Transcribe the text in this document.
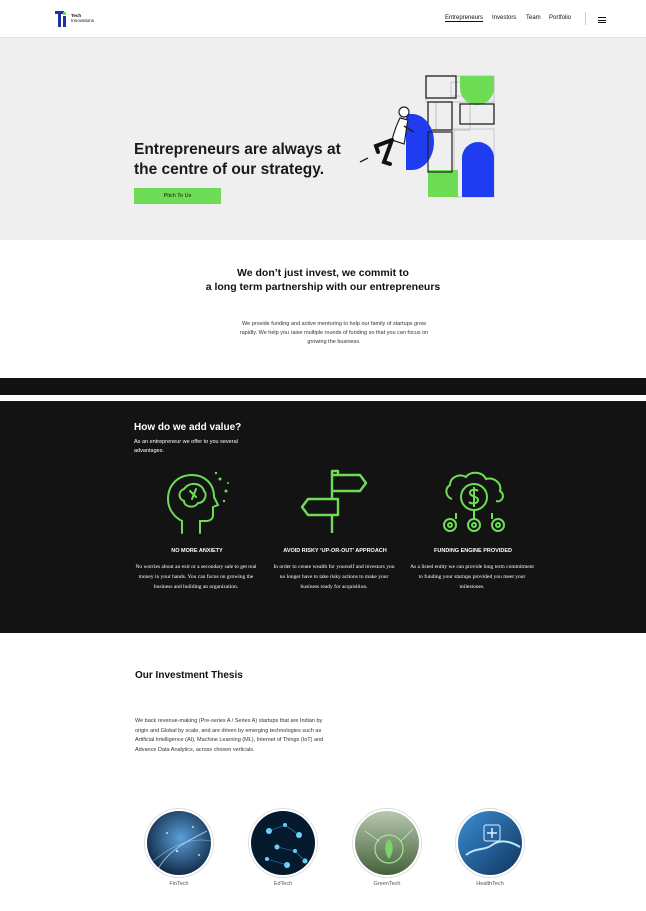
Tech
Innovations	Entrepreneurs Investors Team Portfolio
Entrepreneurs are always at the centre of our strategy.
Pitch To Us
We don’t just invest, we commit to
a long term partnership with our entrepreneurs
We provide funding and active mentoring to help our family of startups grow rapidly. We help you raise multiple rounds of funding so that you can focus on growing the business.
How do we add value?
As an entrepreneur we offer to you several advantages.
NO MORE ANXIETY	AVOID RISKY ‘UP-OR-OUT’ APPROACH	FUNDING ENGINE PROVIDED
No worries about an exit or a secondary sale to get real money in your hands. You can focus on growing the business and building an organization.
In order to create wealth for yourself and investors you no longer have to take risky actions to make your business ready for acquisition.
As a listed entity we can provide long term commitment to funding your startups provided you meet your milestones.
Our Investment Thesis
We back revenue-making (Pre-series A / Series A) startups that are Indian by origin and Global by scale, and are driven by emerging technologies such as Artificial Intelligence (AI), Machine Learning (ML), Internet of Things (IoT) and Advance Data Analytics, across chosen verticals.
FinTech	EdTech	GreenTech	HealthTech
